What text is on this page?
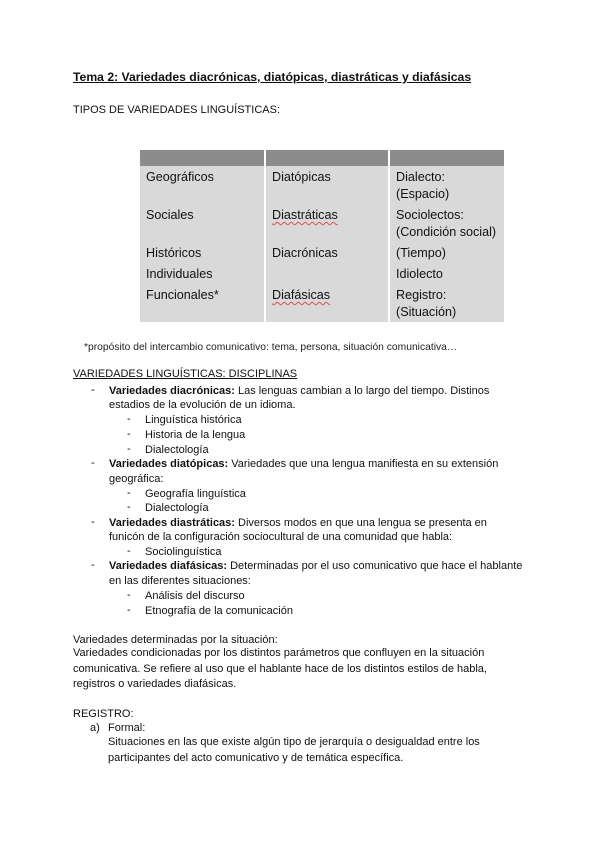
Tema 2: Variedades diacrónicas, diatópicas, diastráticas y diafásicas
TIPOS DE VARIEDADES LINGUÍSTICAS:

Geográficos	Diatópicas	Dialecto:
(Espacio)
Sociales	Diastráticas	Sociolectos:
(Condición social)
Históricos	Diacrónicas	(Tiempo)
Individuales		Idiolecto
Funcionales*	Diafásicas	Registro:
(Situación)
*propósito del intercambio comunicativo: tema, persona, situación comunicativa…
VARIEDADES LINGUÍSTICAS: DISCIPLINAS
- Variedades diacrónicas: Las lenguas cambian a lo largo del tiempo. Distinos
estadios de la evolución de un idioma.
- Linguística histórica
- Historia de la lengua
- Dialectología
- Variedades diatópicas: Variedades que una lengua manifiesta en su extensión
geográfica:
- Geografía linguística
- Dialectología
- Variedades diastráticas: Diversos modos en que una lengua se presenta en
funicón de la configuración sociocultural de una comunidad que habla:
- Sociolinguística
- Variedades diafásicas: Determinadas por el uso comunicativo que hace el hablante
en las diferentes situaciones:
- Análisis del discurso
- Etnografía de la comunicación
Variedades determinadas por la situación:
Variedades condicionadas por los distintos parámetros que confluyen en la situación comunicativa. Se refiere al uso que el hablante hace de los distintos estilos de habla, registros o variedades diafásicas.
REGISTRO:
a) Formal:
Situaciones en las que existe algún tipo de jerarquía o desigualdad entre los participantes del acto comunicativo y de temática específica.
